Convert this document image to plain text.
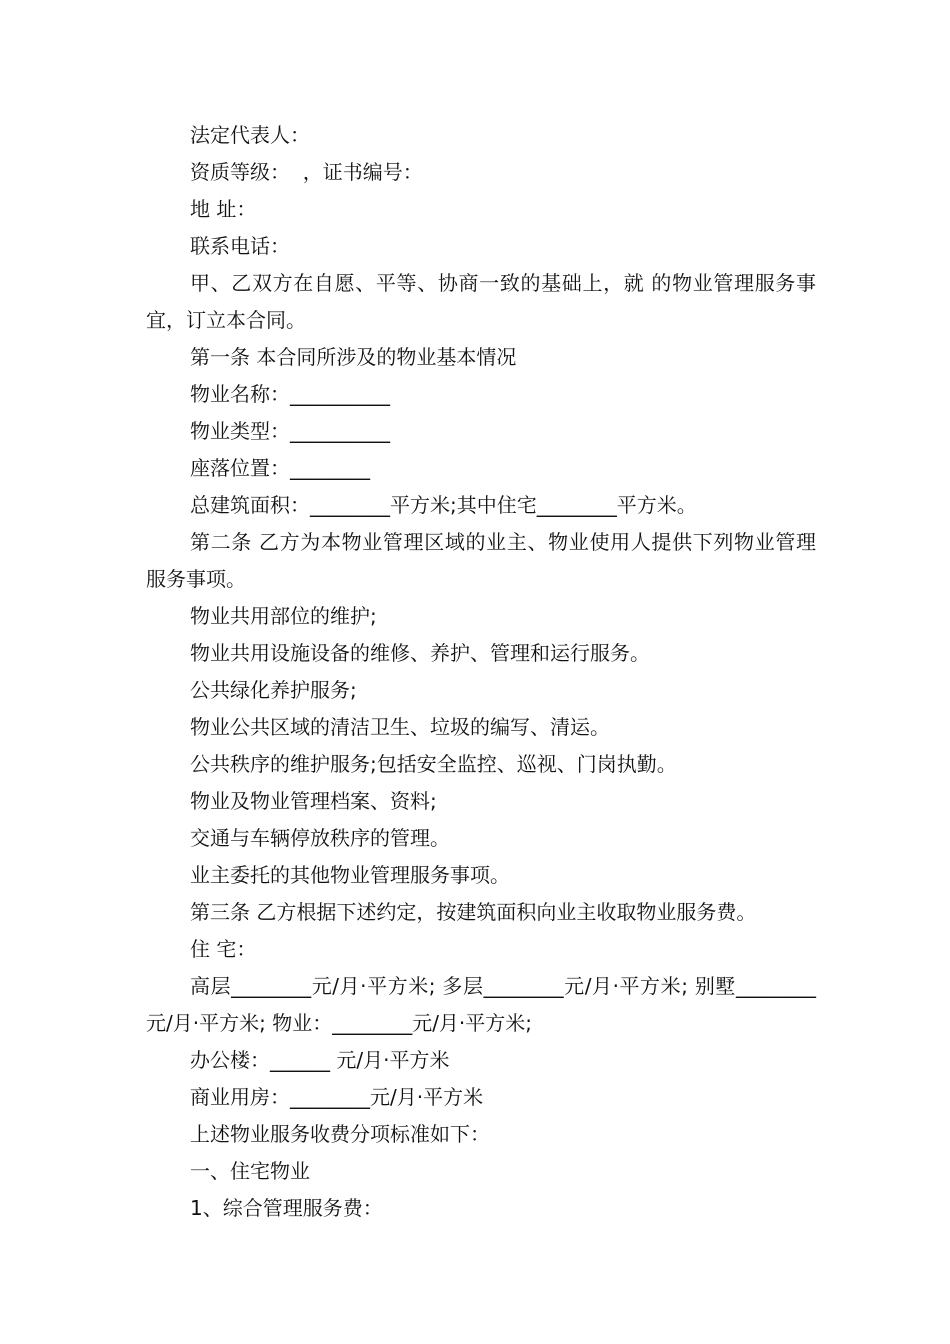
法定代表人：

资质等级：  ，证书编号：

地 址：

联系电话：

甲、乙双方在自愿、平等、协商一致的基础上，就 的物业管理服务事宜，订立本合同。

第一条 本合同所涉及的物业基本情况

物业名称：__________

物业类型：__________

座落位置：________

总建筑面积：________平方米;其中住宅________平方米。

第二条 乙方为本物业管理区域的业主、物业使用人提供下列物业管理服务事项。

物业共用部位的维护;

物业共用设施设备的维修、养护、管理和运行服务。

公共绿化养护服务;

物业公共区域的清洁卫生、垃圾的编写、清运。

公共秩序的维护服务;包括安全监控、巡视、门岗执勤。

物业及物业管理档案、资料;

交通与车辆停放秩序的管理。

业主委托的其他物业管理服务事项。

第三条 乙方根据下述约定，按建筑面积向业主收取物业服务费。

住 宅：

高层________元/月·平方米; 多层________元/月·平方米; 别墅________元/月·平方米; 物业：________元/月·平方米;

办公楼：______ 元/月·平方米

商业用房：________元/月·平方米

上述物业服务收费分项标准如下：

一、住宅物业

1、综合管理服务费：
